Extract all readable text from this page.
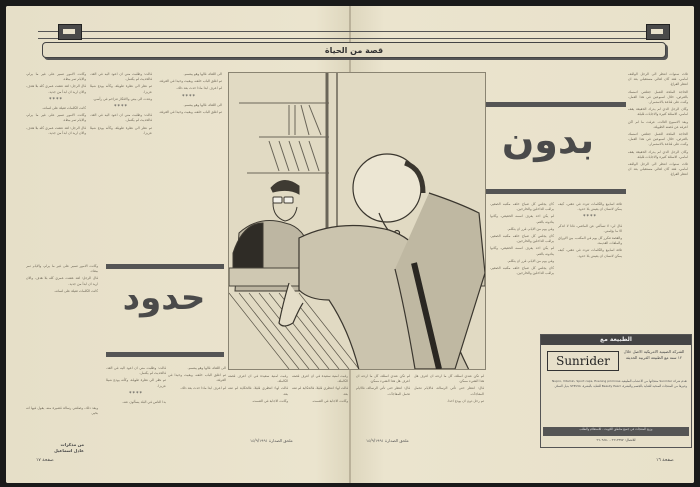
قصة من الحياة

وكانت الامور تسير على غير ما يرام، والايام تمر ببطء.

قال الرجل: لقد عشت عمري كله بلا هدف، والان اريد ان ابدأ من جديد.

****

كانت الكلمات ثقيلة على لسانه.

وكانت الامور تسير على غير ما يرام، والايام تمر ببطء.

قال الرجل: لقد عشت عمري كله بلا هدف، والان اريد ان ابدأ من جديد.

قالت: وطلبت مني ان اعود اليه في الغد، فالحديث لم يكتمل.

ثم نظر الي نظرة طويلة، وكأنه يودع شيئا عزيزا.

وعدت الى بيتي والافكار تتزاحم في رأسي.

****

قالت: وطلبت مني ان اعود اليه في الغد، فالحديث لم يكتمل.

ثم نظر الي نظرة طويلة، وكأنه يودع شيئا عزيزا.

الى اللقاء، قالها وهو يبتسم.

ثم اغلق الباب خلفه، وبقيت وحيدا في الغرفة.

لم اعرف ابدا ماذا حدث بعد ذلك.

****

الى اللقاء، قالها وهو يبتسم.

ثم اغلق الباب خلفه، وبقيت وحيدا في الغرفة.

حدود

وكانت الامور تسير على غير ما يرام، والايام تمر ببطء.

قال الرجل: لقد عشت عمري كله بلا هدف، والان اريد ان ابدأ من جديد.

كانت الكلمات ثقيلة على لسانه.

وبعد ذلك، وصلتني رسالة قصيرة منه، يقول فيها انه بخير.

من مذكرات
عادل اسماعيل
صفحة ١٧

قالت: وطلبت مني ان اعود اليه في الغد، فالحديث لم يكتمل.

ثم نظر الي نظرة طويلة، وكأنه يودع شيئا عزيزا.

****

بدا الناس في البلد يسألون عنه.

الى اللقاء، قالها وهو يبتسم.

ثم اغلق الباب خلفه، وبقيت وحيدا في الغرفة.

لم اعرف ابدا ماذا حدث بعد ذلك.

بدون

ثلاث سنوات انتظر الى الرجل الواقف امامي، فقد كان لقائي مستقبلي بعد ان انتظر الفراغ.

الحاجة الملحة للعمل جعلتني اتمسك بالفرص، خلال اسبوعين في هذا العمل، وكنت على قناعة بالاستمرار.

وكان الرجل الذي لم يدرك الحقيقة يقف امامي، الاسئلة كثيرة والاجابات قليلة.

وبعد الاسبوع الثالث، عرفت ما لم اكن اعرفه عن قصته الطويلة.

الحاجة الملحة للعمل جعلتني اتمسك بالفرص، خلال اسبوعين في هذا العمل، وكنت على قناعة بالاستمرار.

وكان الرجل الذي لم يدرك الحقيقة يقف امامي، الاسئلة كثيرة والاجابات قليلة.

ثلاث سنوات انتظر الى الرجل الواقف امامي، فقد كان لقائي مستقبلي بعد ان انتظر الفراغ.

ثلاثة اسابيع والكلمات تتردد في ذهني، كيف يمكن لانسان ان يعيش بلا حدود.

****

قال لي: لا تسألني عن الماضي، فانا لا اتذكر الا ما يؤلمني.

والقصة تتكرر كل يوم في المكتب، بين الاوراق والملفات القديمة.

ثلاثة اسابيع والكلمات تتردد في ذهني، كيف يمكن لانسان ان يعيش بلا حدود.

كان يجلس كل صباح خلف مكتبه الصغير، يراقب الداخلين والخارجين.

لم يكن احد يعرف اسمه الحقيقي، وكانوا ينادونه بالعم.

وفي يوم من الايام، قرر ان يتكلم.

كان يجلس كل صباح خلف مكتبه الصغير، يراقب الداخلين والخارجين.

لم يكن احد يعرف اسمه الحقيقي، وكانوا ينادونه بالعم.

وفي يوم من الايام، قرر ان يتكلم.

كان يجلس كل صباح خلف مكتبه الصغير، يراقب الداخلين والخارجين.

لم تكن عندي اسئلة، كل ما اردته ان اعرف هل هذا الشيء ممكن.

قال: انتظر حتى تأتي الرسالة، فالايام تحمل المفاجآت.

ثم رحل دون ان يودع احدا.

لم تكن عندي اسئلة، كل ما اردته ان اعرف هل هذا الشيء ممكن.

قال: انتظر حتى تأتي الرسالة، فالايام تحمل المفاجآت.

رغبت امنية سعيدة في ان اعرف قصته الكاملة.

قالت لها: انتظري قليلا، فالحكاية لم تنته بعد.

وكانت الاجابة في الصمت.

رغبت امنية سعيدة في ان اعرف قصته الكاملة.

قالت لها: انتظري قليلا، فالحكاية لم تنته بعد.

وكانت الاجابة في الصمت.

ملحق الصدارة ١٤/٩/١٩٩١	ملحق الصدارة ١٤/٩/١٩٩١
الطبيعة مع
Sunrider
الشركة الصينية الامريكية الاصل خلال ١٢ سنة مع الطبيعة الغربية الحديثة
تقدم شركة Sunrider منتجاتها من الاعشاب الطبيعية Nupro, Vitamin, Sport caps, Evening primrose وغيرها من المنتجات الصحية للعناية بالجسم والبشرة، Beauty Pearl للعناية بالبشرة، STEVIA بديل السكر.
وزيع المنتجات في جميع مناطق الكويت - للاستعلام والطلب
للاتصال: ٢٦١٢٣٧٧ - ٢٦٠٩٤٥٠
صفحة ١٦
